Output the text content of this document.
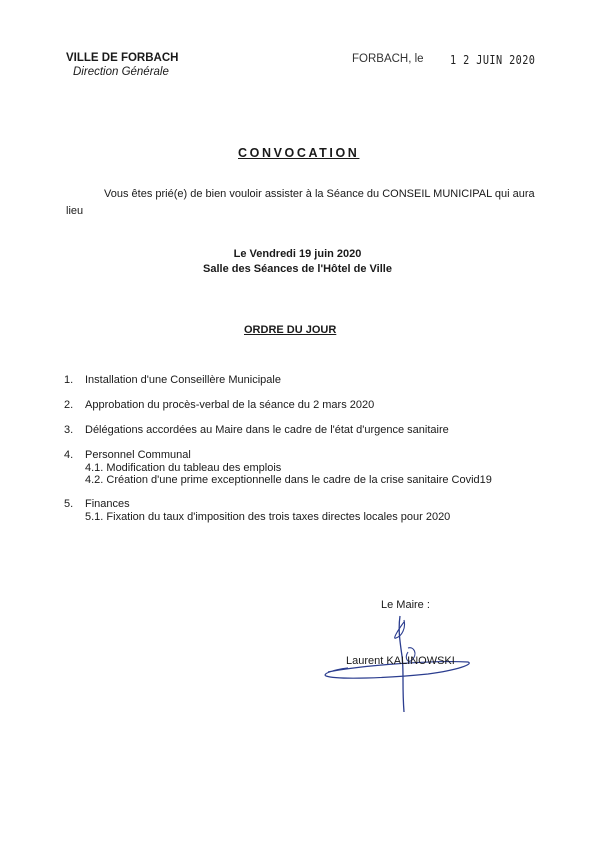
VILLE DE FORBACH
Direction Générale
FORBACH, le 1 2 JUIN 2020
CONVOCATION
Vous êtes prié(e) de bien vouloir assister à la Séance du CONSEIL MUNICIPAL qui aura lieu
Le Vendredi 19 juin 2020
Salle des Séances de l'Hôtel de Ville
ORDRE DU JOUR
1.	Installation d'une Conseillère Municipale
2.	Approbation du procès-verbal de la séance du 2 mars 2020
3.	Délégations accordées au Maire dans le cadre de l'état d'urgence sanitaire
4.	Personnel Communal
4.1. Modification du tableau des emplois
4.2. Création d'une prime exceptionnelle dans le cadre de la crise sanitaire Covid19
5.	Finances
5.1. Fixation du taux d'imposition des trois taxes directes locales pour 2020
Le Maire :
Laurent KALINOWSKI
